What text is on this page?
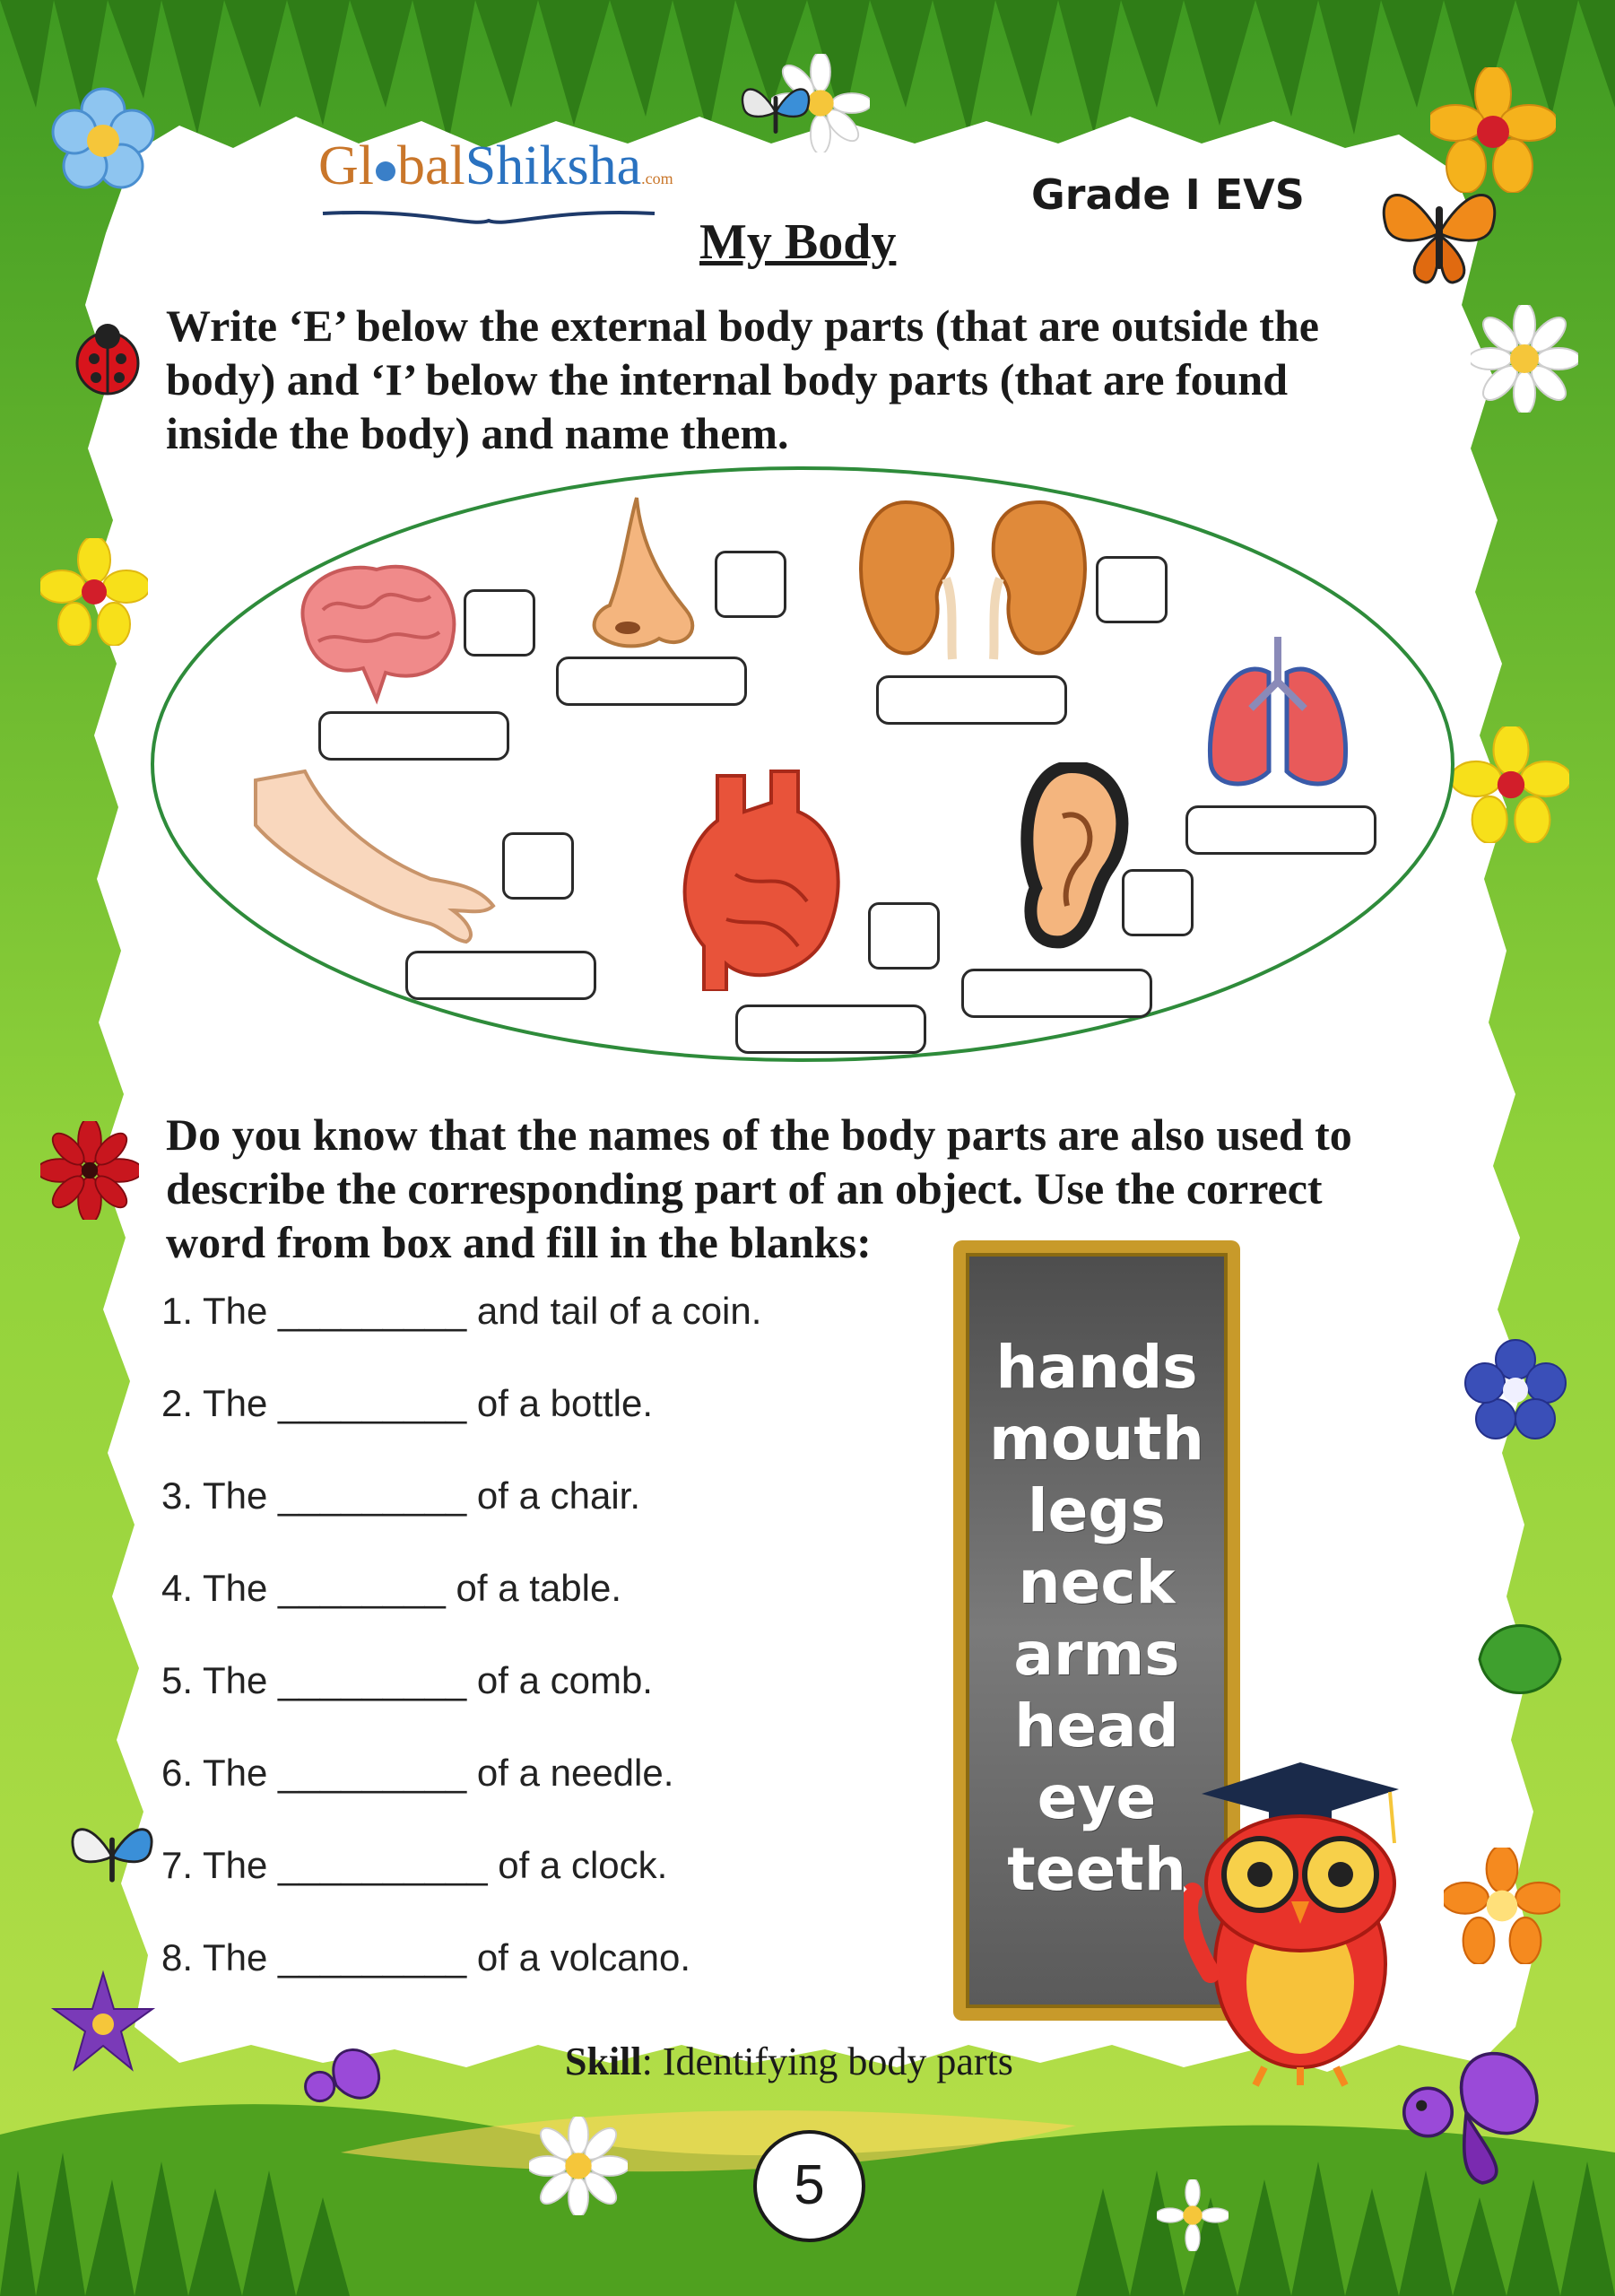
Gl balShiksha.com	Grade I EVS
My Body
Write ‘E’ below the external body parts (that are outside the
body) and ‘I’ below the internal body parts (that are found
inside the body) and name them.
Do you know that the names of the body parts are also used to
describe the corresponding part of an object. Use the correct
word from box and fill in the blanks:
1. The _________ and tail of a coin.
2. The _________ of a bottle.
3. The _________ of a chair.
4. The ________ of a table.
5. The _________ of a comb.
6. The _________ of a needle.
7. The __________ of a clock.
8. The _________ of a volcano.
hands
mouth
legs
neck
arms
head
eye
teeth
Skill: Identifying body parts
5
